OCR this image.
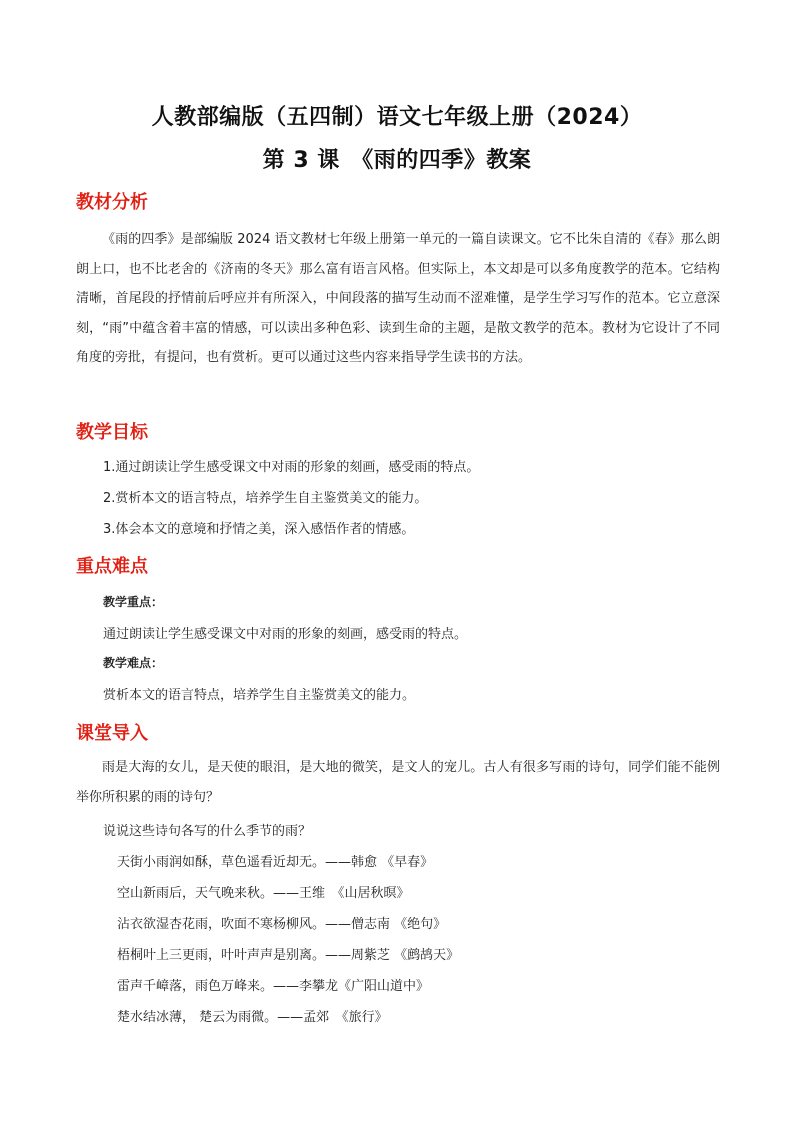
人教部编版（五四制）语文七年级上册（2024）
第 3 课　《雨的四季》教案
教材分析
《雨的四季》是部编版 2024 语文教材七年级上册第一单元的一篇自读课文。它不比朱自清的《春》那么朗朗上口，也不比老舍的《济南的冬天》那么富有语言风格。但实际上，本文却是可以多角度教学的范本。它结构清晰，首尾段的抒情前后呼应并有所深入，中间段落的描写生动而不涩难懂，是学生学习写作的范本。它立意深刻，“雨”中蕴含着丰富的情感，可以读出多种色彩、读到生命的主题，是散文教学的范本。教材为它设计了不同角度的旁批，有提问，也有赏析。更可以通过这些内容来指导学生读书的方法。
教学目标
1.通过朗读让学生感受课文中对雨的形象的刻画，感受雨的特点。
2.赏析本文的语言特点，培养学生自主鉴赏美文的能力。
3.体会本文的意境和抒情之美，深入感悟作者的情感。
重点难点
教学重点：
通过朗读让学生感受课文中对雨的形象的刻画，感受雨的特点。
教学难点：
赏析本文的语言特点，培养学生自主鉴赏美文的能力。
课堂导入
雨是大海的女儿，是天使的眼泪，是大地的微笑，是文人的宠儿。古人有很多写雨的诗句，同学们能不能例举你所积累的雨的诗句？
说说这些诗句各写的什么季节的雨？
天街小雨润如酥，草色遥看近却无。——韩愈 《早春》
空山新雨后，天气晚来秋。——王维　《山居秋暝》
沾衣欲湿杏花雨，吹面不寒杨柳风。——僧志南 《绝句》
梧桐叶上三更雨，叶叶声声是别离。——周紫芝 《鹧鸪天》
雷声千嶂落，雨色万峰来。——李攀龙《广阳山道中》
楚水结冰薄， 楚云为雨微。——孟郊　《旅行》
